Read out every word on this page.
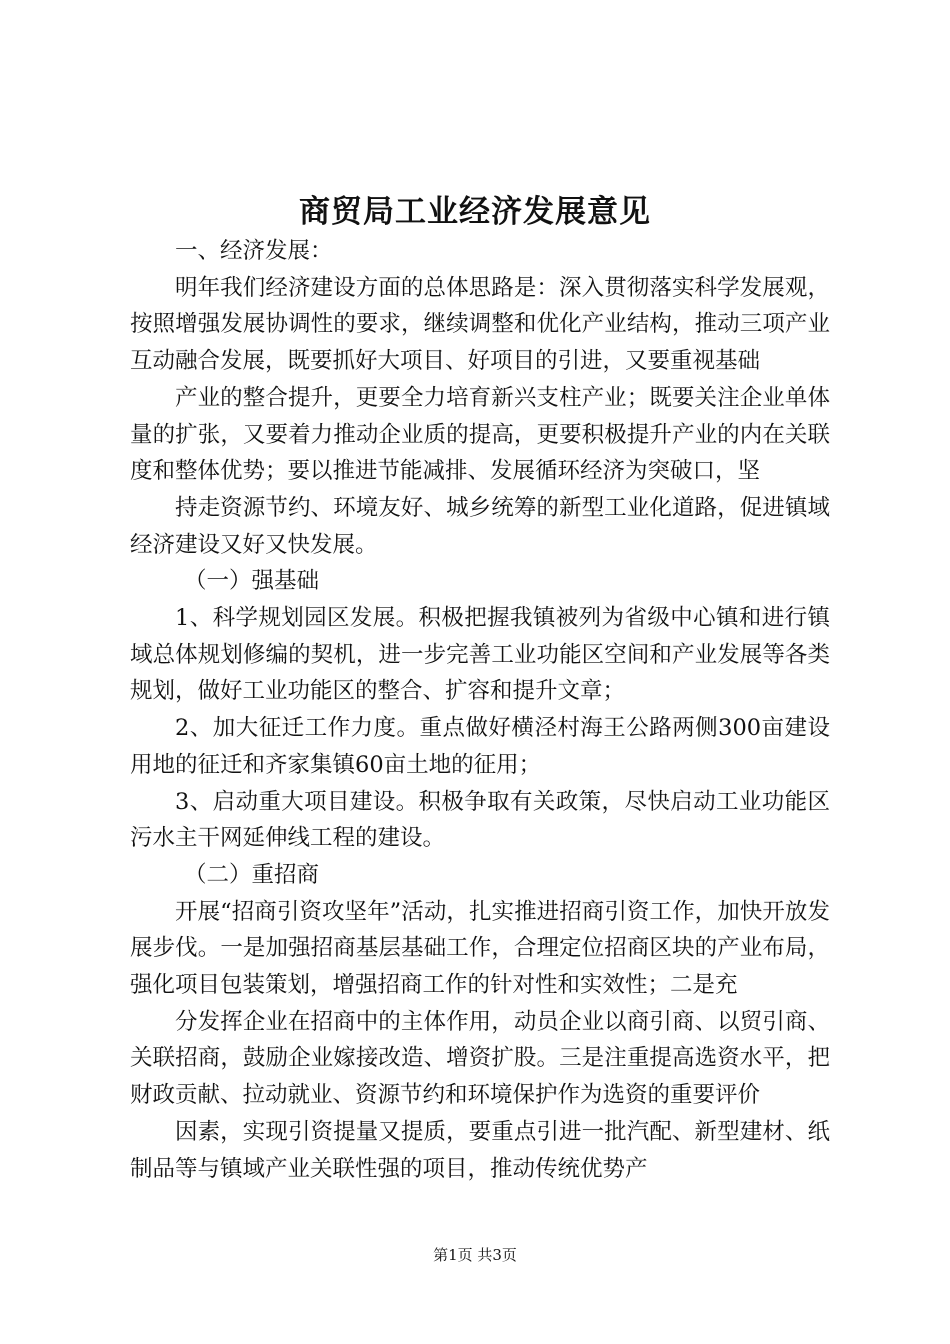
商贸局工业经济发展意见

一、经济发展：

明年我们经济建设方面的总体思路是：深入贯彻落实科学发展观，按照增强发展协调性的要求，继续调整和优化产业结构，推动三项产业互动融合发展，既要抓好大项目、好项目的引进，又要重视基础

产业的整合提升，更要全力培育新兴支柱产业；既要关注企业单体量的扩张，又要着力推动企业质的提高，更要积极提升产业的内在关联度和整体优势；要以推进节能减排、发展循环经济为突破口，坚

持走资源节约、环境友好、城乡统筹的新型工业化道路，促进镇域经济建设又好又快发展。

（一）强基础

1、科学规划园区发展。积极把握我镇被列为省级中心镇和进行镇域总体规划修编的契机，进一步完善工业功能区空间和产业发展等各类规划，做好工业功能区的整合、扩容和提升文章；

2、加大征迁工作力度。重点做好横泾村海王公路两侧300亩建设用地的征迁和齐家集镇60亩土地的征用；

3、启动重大项目建设。积极争取有关政策，尽快启动工业功能区污水主干网延伸线工程的建设。

（二）重招商

开展“招商引资攻坚年”活动，扎实推进招商引资工作，加快开放发展步伐。一是加强招商基层基础工作，合理定位招商区块的产业布局，强化项目包装策划，增强招商工作的针对性和实效性；二是充

分发挥企业在招商中的主体作用，动员企业以商引商、以贸引商、关联招商，鼓励企业嫁接改造、增资扩股。三是注重提高选资水平，把财政贡献、拉动就业、资源节约和环境保护作为选资的重要评价

因素，实现引资提量又提质，要重点引进一批汽配、新型建材、纸制品等与镇域产业关联性强的项目，推动传统优势产

第1页 共3页
